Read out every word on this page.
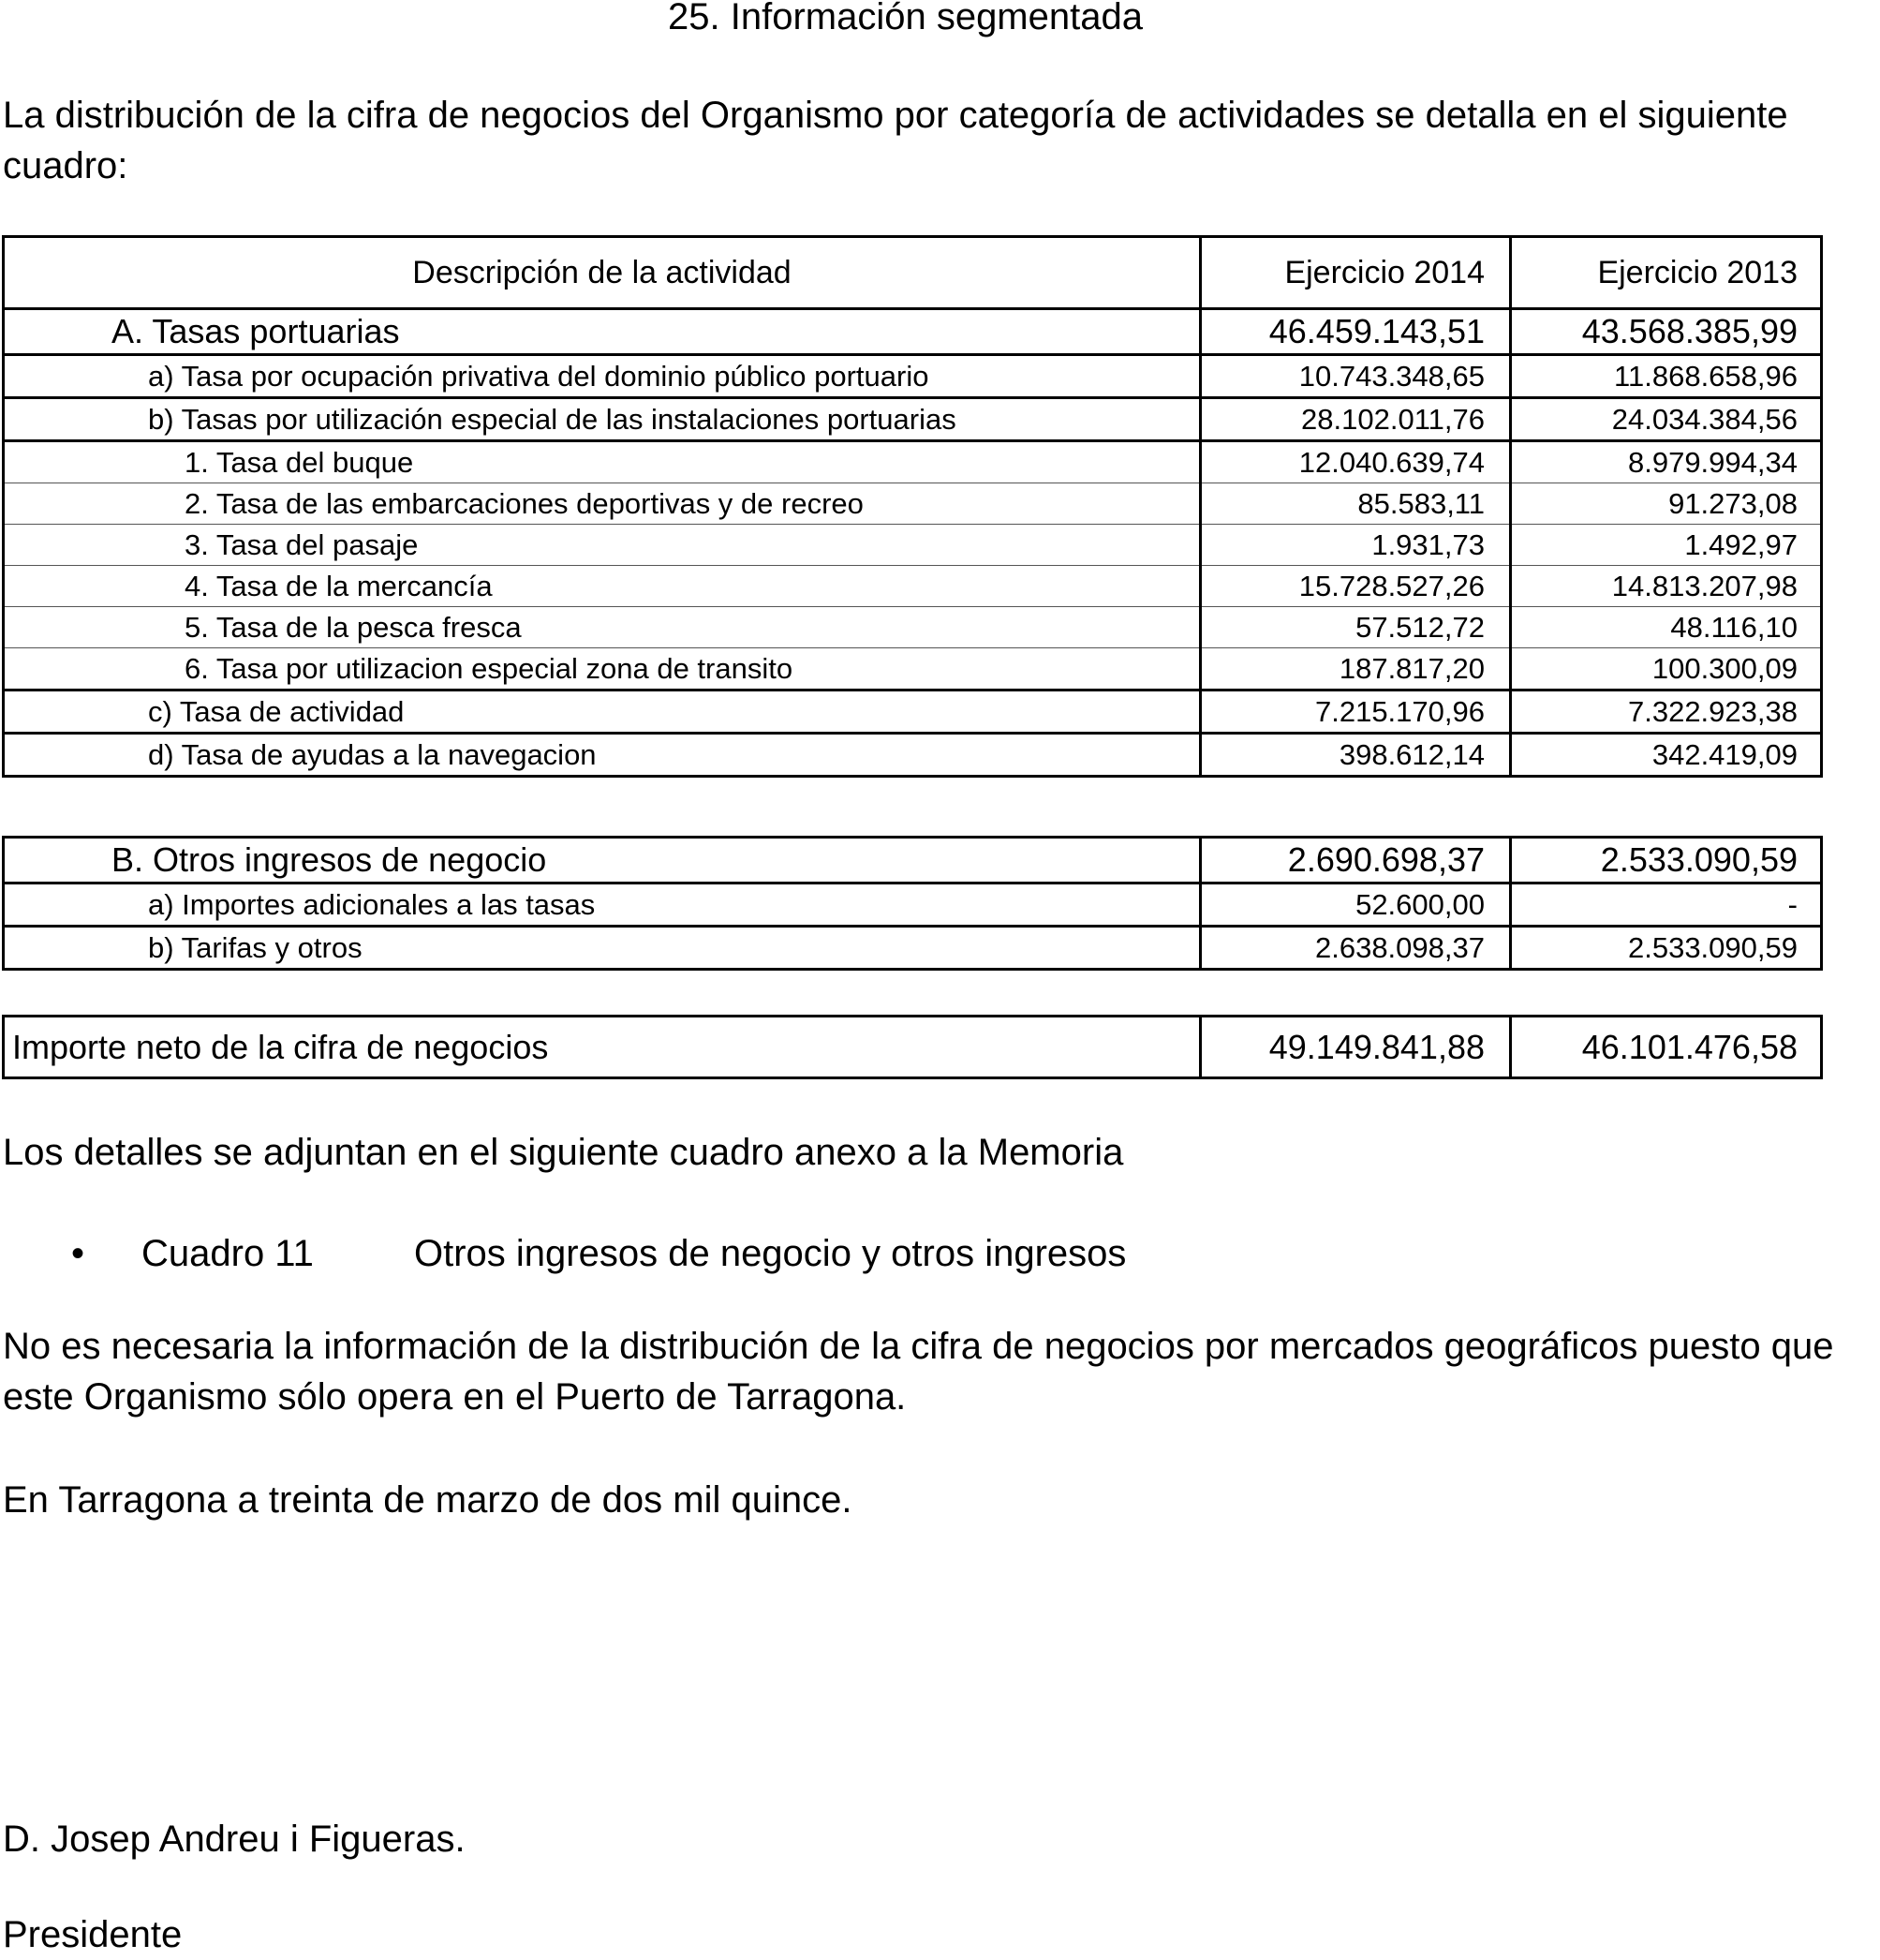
25. Información segmentada
La distribución de la cifra de negocios del Organismo por categoría de actividades se detalla en el siguiente cuadro:
Descripción de la actividad	Ejercicio 2014	Ejercicio 2013
A. Tasas portuarias	46.459.143,51	43.568.385,99
a) Tasa por ocupación privativa del dominio público portuario	10.743.348,65	11.868.658,96
b) Tasas por utilización especial de las instalaciones portuarias	28.102.011,76	24.034.384,56
1. Tasa del buque	12.040.639,74	8.979.994,34
2. Tasa de las embarcaciones deportivas y de recreo	85.583,11	91.273,08
3. Tasa del pasaje	1.931,73	1.492,97
4. Tasa de la mercancía	15.728.527,26	14.813.207,98
5. Tasa de la pesca fresca	57.512,72	48.116,10
6. Tasa por utilizacion especial zona de transito	187.817,20	100.300,09
c) Tasa de actividad	7.215.170,96	7.322.923,38
d) Tasa de ayudas a la navegacion	398.612,14	342.419,09
B. Otros ingresos de negocio	2.690.698,37	2.533.090,59
a) Importes adicionales a las tasas	52.600,00	-
b) Tarifas y otros	2.638.098,37	2.533.090,59
Importe neto de la cifra de negocios	49.149.841,88	46.101.476,58
Los detalles se adjuntan en el siguiente cuadro anexo a la Memoria
• Cuadro 11	Otros ingresos de negocio y otros ingresos
No es necesaria la información de la distribución de la cifra de negocios por mercados geográficos puesto que este Organismo sólo opera en el Puerto de Tarragona.
En Tarragona a treinta de marzo de dos mil quince.
D. Josep Andreu i Figueras.
Presidente
